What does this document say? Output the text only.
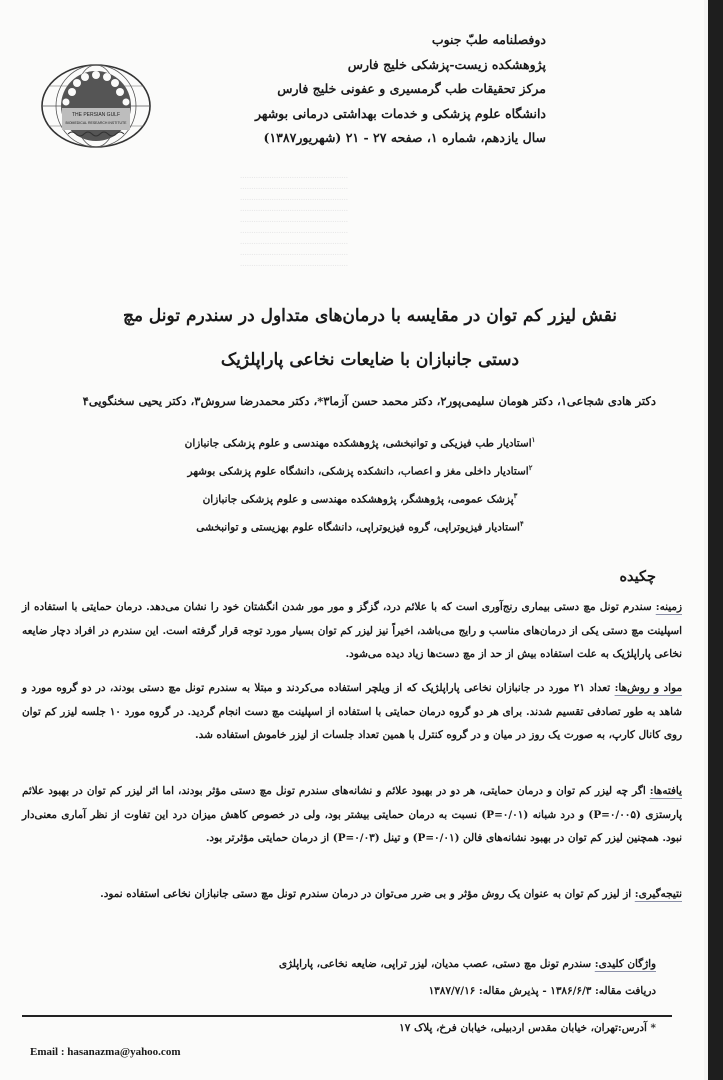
................................................
................................................
................................................
................................................
................................................
................................................
................................................
................................................
................................................
THE PERSIAN GULF
BIOMEDICAL RESEARCH INSTITUTE
دوفصلنامه طبّ جنوب
پژوهشکده زیست-پزشکی خلیج فارس
مرکز تحقیقات طب گرمسیری و عفونی خلیج فارس
دانشگاه علوم پزشکی و خدمات بهداشتی درمانی بوشهر
سال یازدهم، شماره ۱، صفحه ۲۷ - ۲۱ (شهریور۱۳۸۷)
نقش لیزر کم توان در مقایسه با درمان‌های متداول در سندرم تونل مچ
دستی جانبازان با ضایعات نخاعی پاراپلژیک
دکتر هادی شجاعی۱، دکتر هومان سلیمی‌پور۲، دکتر محمد حسن آزما۳*، دکتر محمدرضا سروش۳، دکتر یحیی سخنگویی۴
$^۱$استادیار طب فیزیکی و توانبخشی، پژوهشکده مهندسی و علوم پزشکی جانبازان
$^۲$استادیار داخلی مغز و اعصاب، دانشکده پزشکی، دانشگاه علوم پزشکی بوشهر
$^۳$پزشک عمومی، پژوهشگر، پژوهشکده مهندسی و علوم پزشکی جانبازان
$^۴$استادیار فیزیوتراپی، گروه فیزیوتراپی، دانشگاه علوم بهزیستی و توانبخشی
چکیده
زمینه: سندرم تونل مچ دستی بیماری رنج‌آوری است که با علائم درد، گزگز و مور مور شدن انگشتان خود را نشان می‌دهد. درمان حمایتی با استفاده از اسپلینت مچ دستی یکی از درمان‌های مناسب و رایج می‌باشد، اخیراً نیز لیزر کم توان بسیار مورد توجه قرار گرفته است. این سندرم در افراد دچار ضایعه نخاعی پاراپلژیک به علت استفاده بیش از حد از مچ دست‌ها زیاد دیده می‌شود.
مواد و روش‌ها: تعداد ۲۱ مورد در جانبازان نخاعی پاراپلژیک که از ویلچر استفاده می‌کردند و مبتلا به سندرم تونل مچ دستی بودند، در دو گروه مورد و شاهد به طور تصادفی تقسیم شدند. برای هر دو گروه درمان حمایتی با استفاده از اسپلینت مچ دست انجام گردید. در گروه مورد ۱۰ جلسه لیزر کم توان روی کانال کارپ، به صورت یک روز در میان و در گروه کنترل با همین تعداد جلسات از لیزر خاموش استفاده شد.
یافته‌ها: اگر چه لیزر کم توان و درمان حمایتی، هر دو در بهبود علائم و نشانه‌های سندرم تونل مچ دستی مؤثر بودند، اما اثر لیزر کم توان در بهبود علائم پارستزی (P=۰/۰۰۵) و درد شبانه (P=۰/۰۱) نسبت به درمان حمایتی بیشتر بود، ولی در خصوص کاهش میزان درد این تفاوت از نظر آماری معنی‌دار نبود. همچنین لیزر کم توان در بهبود نشانه‌های فالن (P=۰/۰۱) و تینل (P=۰/۰۳) از درمان حمایتی مؤثرتر بود.
نتیجه‌گیری: از لیزر کم توان به عنوان یک روش مؤثر و بی ضرر می‌توان در درمان سندرم تونل مچ دستی جانبازان نخاعی استفاده نمود.
واژگان کلیدی: سندرم تونل مچ دستی، عصب مدیان، لیزر تراپی، ضایعه نخاعی، پاراپلژی
دریافت مقاله: ۱۳۸۶/۶/۳ - پذیرش مقاله: ۱۳۸۷/۷/۱۶
* آدرس:تهران، خیابان مقدس اردبیلی، خیابان فرخ، پلاک ۱۷
Email : hasanazma@yahoo.com
